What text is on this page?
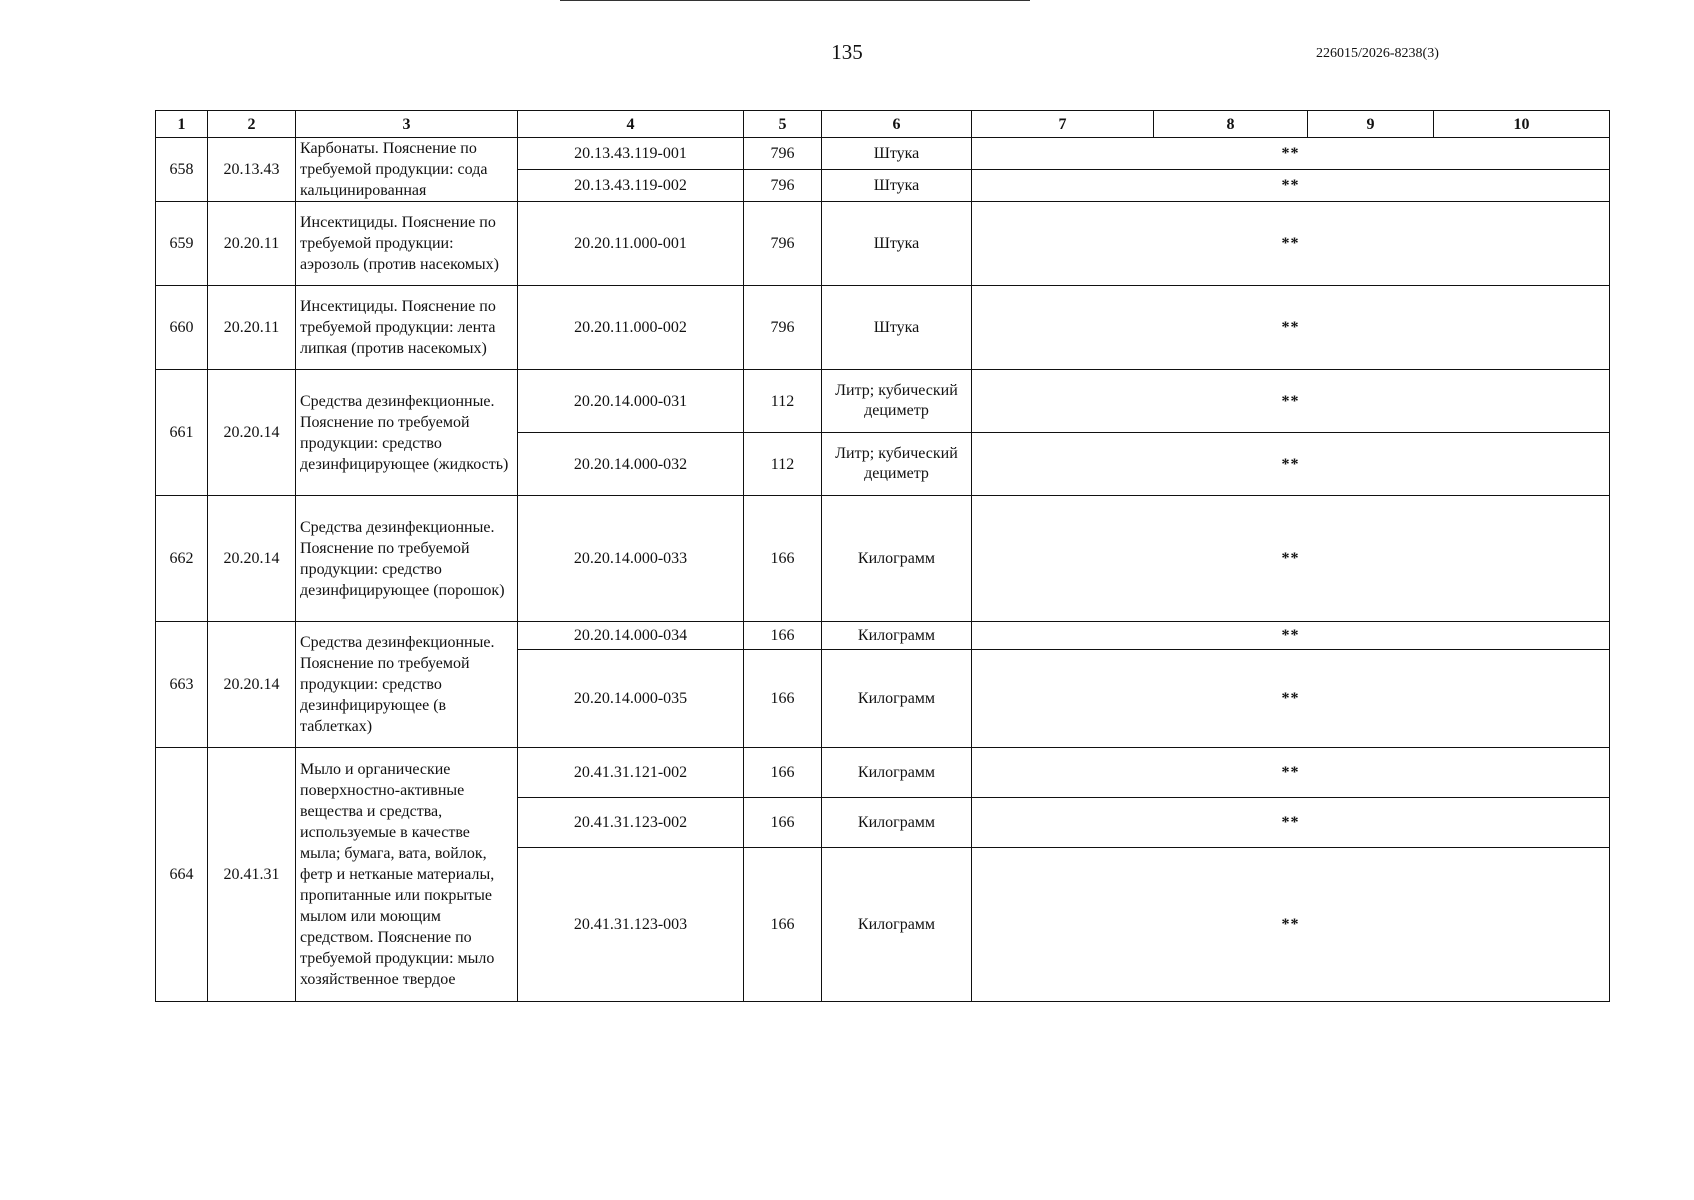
135	226015/2026-8238(3)
1	2	3	4	5	6	7	8	9	10
658	20.13.43	Карбонаты. Пояснение по требуемой продукции: сода кальцинированная	20.13.43.119-001	796	Штука	**			
			20.13.43.119-002	796	Штука	**			
659	20.20.11	Инсектициды. Пояснение по требуемой продукции: аэрозоль (против насекомых)	20.20.11.000-001	796	Штука	**			
660	20.20.11	Инсектициды. Пояснение по требуемой продукции: лента липкая (против насекомых)	20.20.11.000-002	796	Штука	**			
661	20.20.14	Средства дезинфекционные. Пояснение по требуемой продукции: средство дезинфицирующее (жидкость)	20.20.14.000-031	112	Литр; кубический дециметр	**			
			20.20.14.000-032	112	Литр; кубический дециметр	**			
662	20.20.14	Средства дезинфекционные. Пояснение по требуемой продукции: средство дезинфицирующее (порошок)	20.20.14.000-033	166	Килограмм	**			
663	20.20.14	Средства дезинфекционные. Пояснение по требуемой продукции: средство дезинфицирующее (в таблетках)	20.20.14.000-034	166	Килограмм	**			
			20.20.14.000-035	166	Килограмм	**			
664	20.41.31	Мыло и органические поверхностно-активные вещества и средства, используемые в качестве мыла; бумага, вата, войлок, фетр и нетканые материалы, пропитанные или покрытые мылом или моющим средством. Пояснение по требуемой продукции: мыло хозяйственное твердое	20.41.31.121-002	166	Килограмм	**			
			20.41.31.123-002	166	Килограмм	**			
			20.41.31.123-003	166	Килограмм	**			
